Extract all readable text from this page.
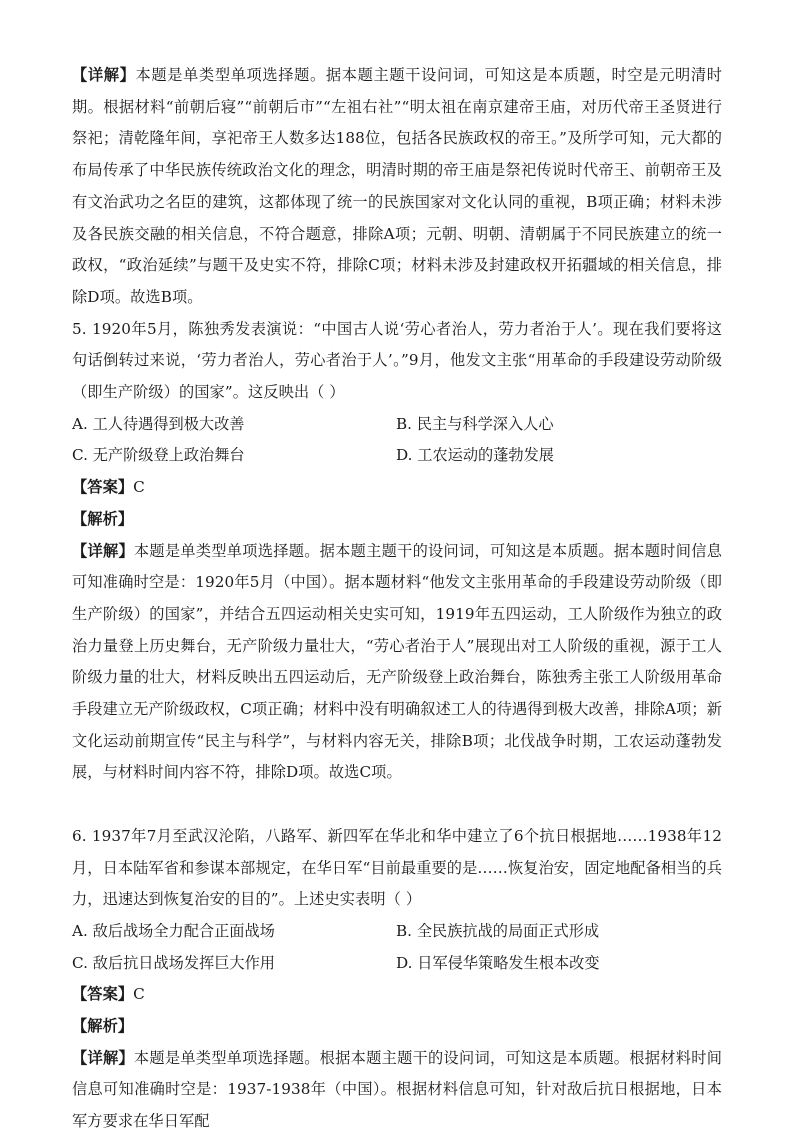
【详解】本题是单类型单项选择题。据本题主题干设问词，可知这是本质题，时空是元明清时期。根据材料“前朝后寝”“前朝后市”“左祖右社”“明太祖在南京建帝王庙，对历代帝王圣贤进行祭祀；清乾隆年间，享祀帝王人数多达188位，包括各民族政权的帝王。”及所学可知，元大都的布局传承了中华民族传统政治文化的理念，明清时期的帝王庙是祭祀传说时代帝王、前朝帝王及有文治武功之名臣的建筑，这都体现了统一的民族国家对文化认同的重视，B项正确；材料未涉及各民族交融的相关信息，不符合题意，排除A项；元朝、明朝、清朝属于不同民族建立的统一政权，“政治延续”与题干及史实不符，排除C项；材料未涉及封建政权开拓疆域的相关信息，排除D项。故选B项。

5. 1920年5月，陈独秀发表演说：“中国古人说‘劳心者治人，劳力者治于人’。现在我们要将这句话倒转过来说，‘劳力者治人，劳心者治于人’。”9月，他发文主张“用革命的手段建设劳动阶级（即生产阶级）的国家”。这反映出（ ）

A. 工人待遇得到极大改善	B. 民主与科学深入人心
C. 无产阶级登上政治舞台	D. 工农运动的蓬勃发展

【答案】C

【解析】

【详解】本题是单类型单项选择题。据本题主题干的设问词，可知这是本质题。据本题时间信息可知准确时空是：1920年5月（中国）。据本题材料“他发文主张用革命的手段建设劳动阶级（即生产阶级）的国家”，并结合五四运动相关史实可知，1919年五四运动，工人阶级作为独立的政治力量登上历史舞台，无产阶级力量壮大，“劳心者治于人”展现出对工人阶级的重视，源于工人阶级力量的壮大，材料反映出五四运动后，无产阶级登上政治舞台，陈独秀主张工人阶级用革命手段建立无产阶级政权，C项正确；材料中没有明确叙述工人的待遇得到极大改善，排除A项；新文化运动前期宣传“民主与科学”，与材料内容无关，排除B项；北伐战争时期，工农运动蓬勃发展，与材料时间内容不符，排除D项。故选C项。

6. 1937年7月至武汉沦陷，八路军、新四军在华北和华中建立了6个抗日根据地……1938年12月，日本陆军省和参谋本部规定，在华日军“目前最重要的是……恢复治安，固定地配备相当的兵力，迅速达到恢复治安的目的”。上述史实表明（ ）

A. 敌后战场全力配合正面战场	B. 全民族抗战的局面正式形成
C. 敌后抗日战场发挥巨大作用	D. 日军侵华策略发生根本改变

【答案】C

【解析】

【详解】本题是单类型单项选择题。根据本题主题干的设问词，可知这是本质题。根据材料时间信息可知准确时空是：1937-1938年（中国）。根据材料信息可知，针对敌后抗日根据地，日本军方要求在华日军配
